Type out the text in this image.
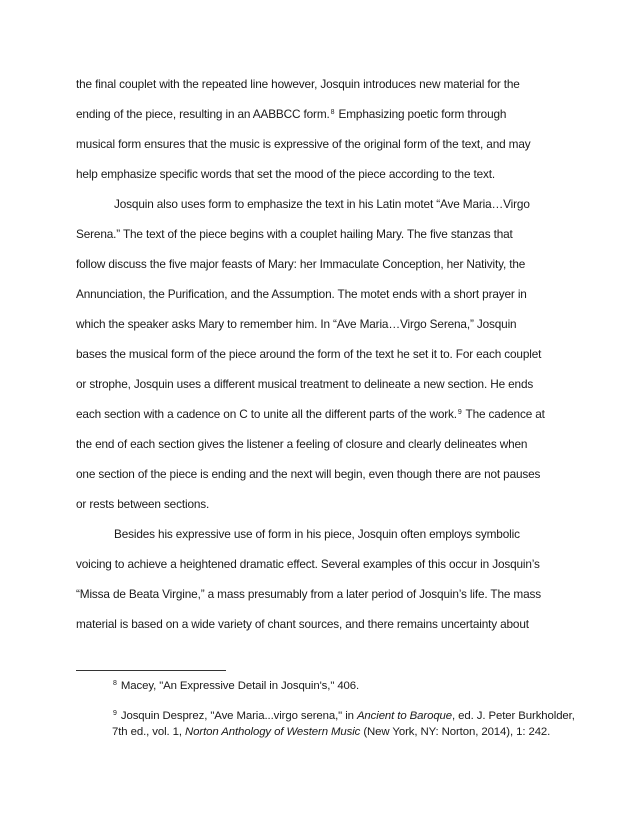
the final couplet with the repeated line however, Josquin introduces new material for the
ending of the piece, resulting in an AABBCC form.$^8$ Emphasizing poetic form through
musical form ensures that the music is expressive of the original form of the text, and may
help emphasize specific words that set the mood of the piece according to the text.
Josquin also uses form to emphasize the text in his Latin motet “Ave Maria…Virgo
Serena.” The text of the piece begins with a couplet hailing Mary. The five stanzas that
follow discuss the five major feasts of Mary: her Immaculate Conception, her Nativity, the
Annunciation, the Purification, and the Assumption. The motet ends with a short prayer in
which the speaker asks Mary to remember him. In “Ave Maria…Virgo Serena,” Josquin
bases the musical form of the piece around the form of the text he set it to. For each couplet
or strophe, Josquin uses a different musical treatment to delineate a new section. He ends
each section with a cadence on C to unite all the different parts of the work.$^9$ The cadence at
the end of each section gives the listener a feeling of closure and clearly delineates when
one section of the piece is ending and the next will begin, even though there are not pauses
or rests between sections.
Besides his expressive use of form in his piece, Josquin often employs symbolic
voicing to achieve a heightened dramatic effect. Several examples of this occur in Josquin’s
“Missa de Beata Virgine,” a mass presumably from a later period of Josquin’s life. The mass
material is based on a wide variety of chant sources, and there remains uncertainty about
$^8$ Macey, "An Expressive Detail in Josquin's," 406.
$^9$ Josquin Desprez, "Ave Maria...virgo serena," in Ancient to Baroque, ed. J. Peter Burkholder, 7th ed., vol. 1, Norton Anthology of Western Music (New York, NY: Norton, 2014), 1: 242.
